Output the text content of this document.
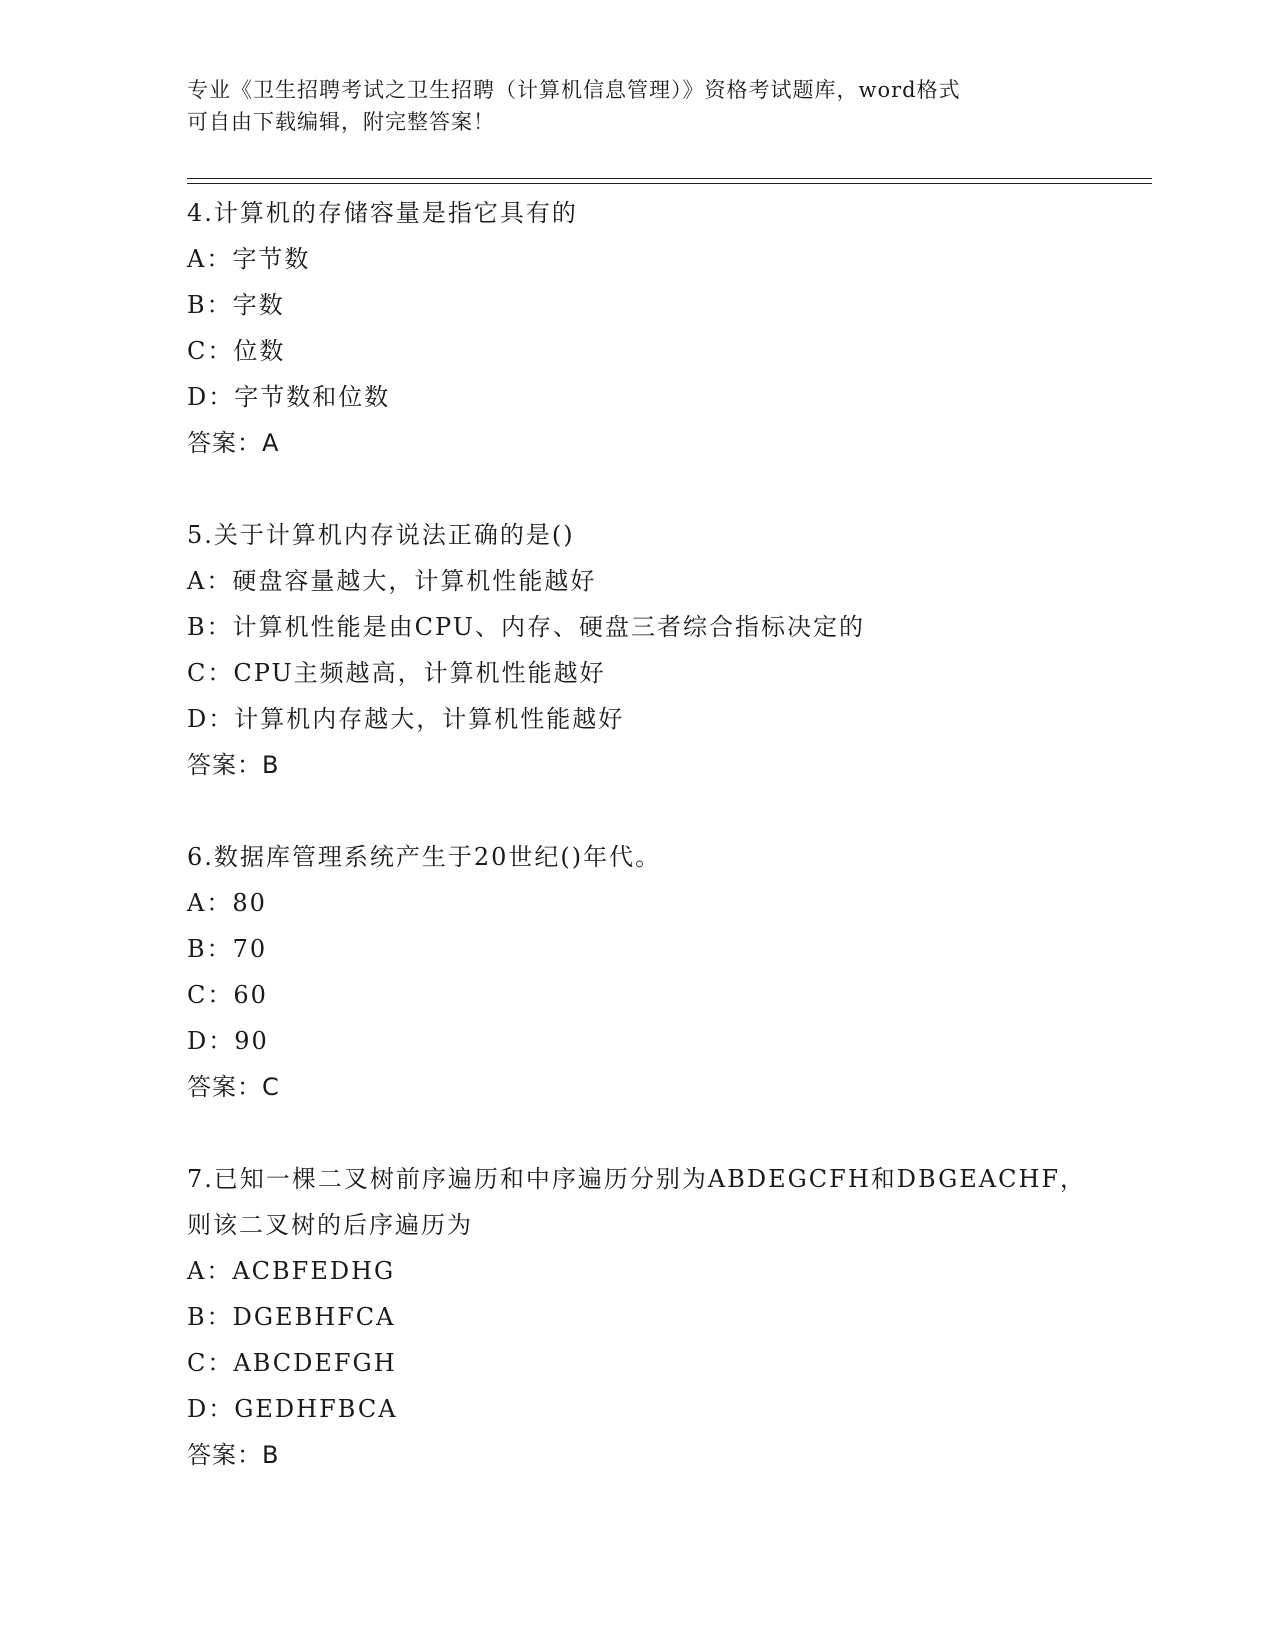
专业《卫生招聘考试之卫生招聘（计算机信息管理）》资格考试题库，word格式
可自由下载编辑，附完整答案！
4.计算机的存储容量是指它具有的
A：字节数
B：字数
C：位数
D：字节数和位数
答案：A
5.关于计算机内存说法正确的是()
A：硬盘容量越大，计算机性能越好
B：计算机性能是由CPU、内存、硬盘三者综合指标决定的
C：CPU主频越高，计算机性能越好
D：计算机内存越大，计算机性能越好
答案：B
6.数据库管理系统产生于20世纪()年代。
A：80
B：70
C：60
D：90
答案：C
7.已知一棵二叉树前序遍历和中序遍历分别为ABDEGCFH和DBGEACHF，
则该二叉树的后序遍历为
A：ACBFEDHG
B：DGEBHFCA
C：ABCDEFGH
D：GEDHFBCA
答案：B
